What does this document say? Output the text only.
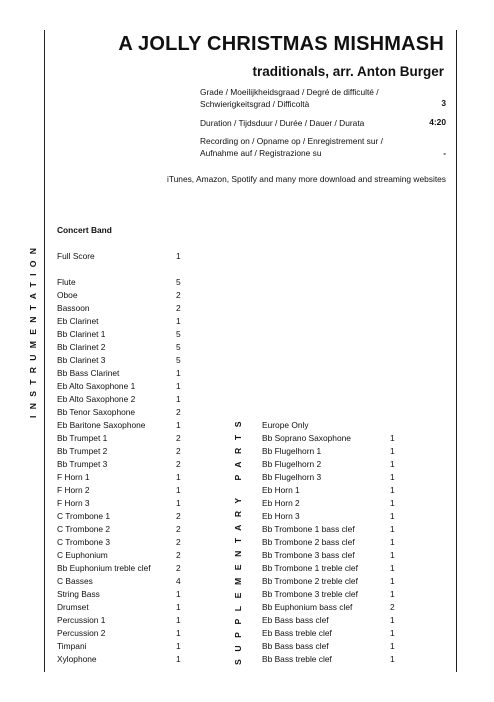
A JOLLY CHRISTMAS MISHMASH
traditionals, arr. Anton Burger
Grade / Moeilijkheidsgraad / Degré de difficulté / Schwierigkeitsgrad / Difficoltà	3
Duration / Tijdsduur / Durée / Dauer / Durata	4:20
Recording on / Opname op / Enregistrement sur / Aufnahme auf / Registrazione su	-
iTunes, Amazon, Spotify and many more download and streaming websites
INSTRUMENTATION
SUPPLEMENTARY PARTS
Concert Band
Full Score	1
Flute	5
Oboe	2
Bassoon	2
Eb Clarinet	1
Bb Clarinet 1	5
Bb Clarinet 2	5
Bb Clarinet 3	5
Bb Bass Clarinet	1
Eb Alto Saxophone 1	1
Eb Alto Saxophone 2	1
Bb Tenor Saxophone	2
Eb Baritone Saxophone	1
Bb Trumpet 1	2
Bb Trumpet 2	2
Bb Trumpet 3	2
F Horn 1	1
F Horn 2	1
F Horn 3	1
C Trombone 1	2
C Trombone 2	2
C Trombone 3	2
C Euphonium	2
Bb Euphonium treble clef	2
C Basses	4
String Bass	1
Drumset	1
Percussion 1	1
Percussion 2	1
Timpani	1
Xylophone	1
Europe Only
Bb Soprano Saxophone	1
Bb Flugelhorn 1	1
Bb Flugelhorn 2	1
Bb Flugelhorn 3	1
Eb Horn 1	1
Eb Horn 2	1
Eb Horn 3	1
Bb Trombone 1 bass clef	1
Bb Trombone 2 bass clef	1
Bb Trombone 3 bass clef	1
Bb Trombone 1 treble clef	1
Bb Trombone 2 treble clef	1
Bb Trombone 3 treble clef	1
Bb Euphonium bass clef	2
Eb Bass bass clef	1
Eb Bass treble clef	1
Bb Bass bass clef	1
Bb Bass treble clef	1
